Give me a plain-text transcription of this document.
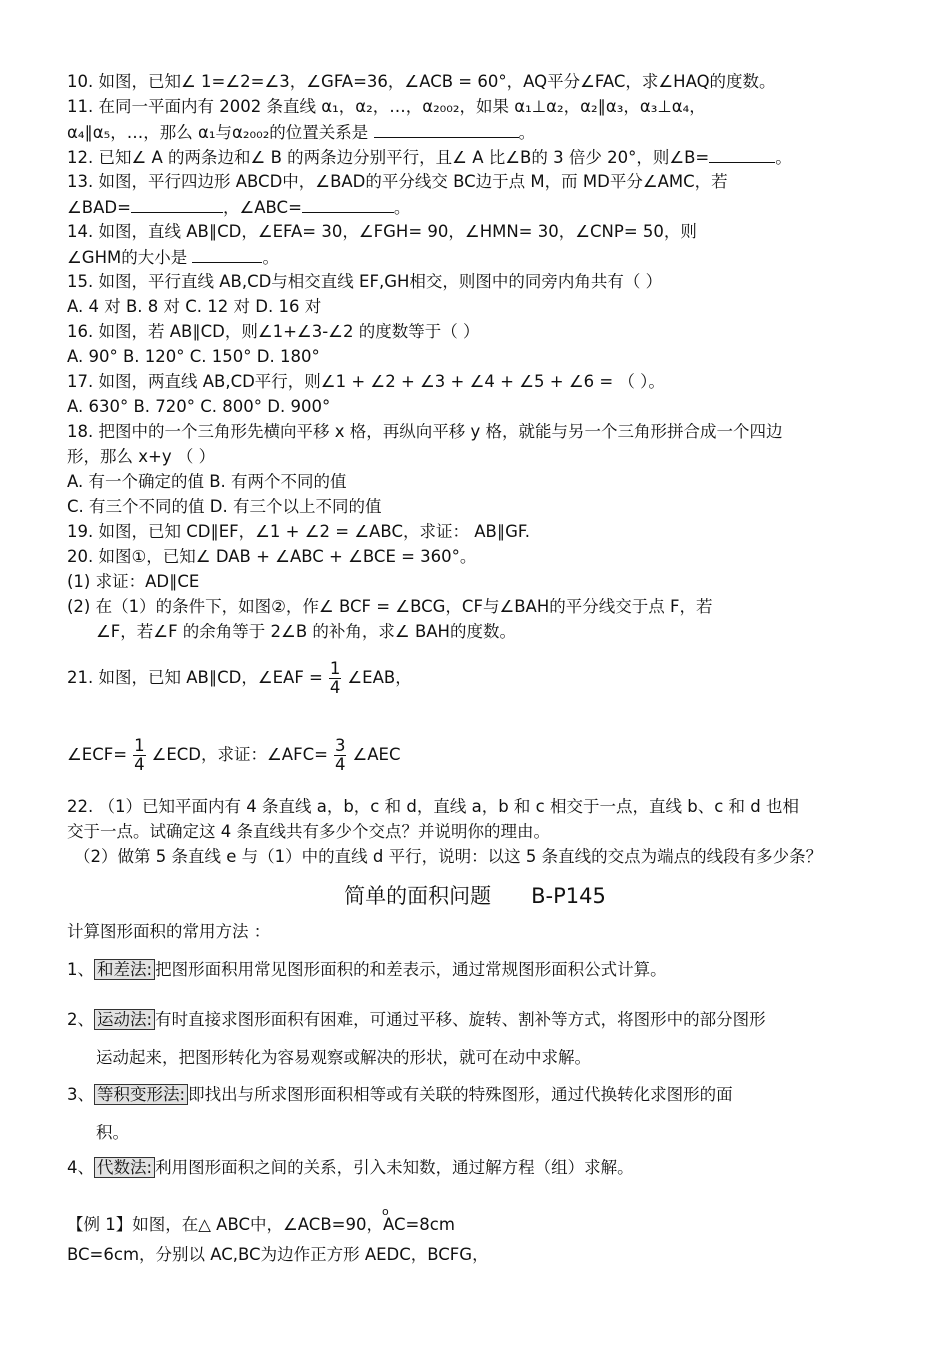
10. 如图，已知∠ 1=∠2=∠3，∠GFA=36，∠ACB = 60°，AQ平分∠FAC，求∠HAQ的度数。
11. 在同一平面内有 2002 条直线 α₁，α₂，…，α₂₀₀₂，如果 α₁⊥α₂，α₂∥α₃，α₃⊥α₄，
α₄∥α₅，…，那么 α₁与α₂₀₀₂的位置关系是	。
12. 已知∠ A 的两条边和∠ B 的两条边分别平行，且∠ A 比∠B的 3 倍少 20°，则∠B=	。
13. 如图，平行四边形 ABCD中，∠BAD的平分线交 BC边于点 M，而 MD平分∠AMC，若
∠BAD=	，∠ABC=	。
14. 如图，直线 AB∥CD，∠EFA= 30，∠FGH= 90，∠HMN= 30，∠CNP= 50，则
∠GHM的大小是	。
15. 如图，平行直线 AB,CD与相交直线 EF,GH相交，则图中的同旁内角共有（ ）
A. 4 对 B. 8 对 C. 12 对 D. 16 对
16. 如图，若 AB∥CD，则∠1+∠3-∠2 的度数等于（ ）
A. 90° B. 120° C. 150° D. 180°
17. 如图，两直线 AB,CD平行，则∠1 + ∠2 + ∠3 + ∠4 + ∠5 + ∠6 = （ ）。
A. 630° B. 720° C. 800° D. 900°
18. 把图中的一个三角形先横向平移 x 格，再纵向平移 y 格，就能与另一个三角形拼合成一个四边
形，那么 x+y （ ）
A. 有一个确定的值 B. 有两个不同的值
C. 有三个不同的值 D. 有三个以上不同的值
19. 如图，已知 CD∥EF，∠1 + ∠2 = ∠ABC，求证： AB∥GF.
20. 如图①，已知∠ DAB + ∠ABC + ∠BCE = 360°。
(1) 求证：AD∥CE
(2) 在（1）的条件下，如图②，作∠ BCF = ∠BCG，CF与∠BAH的平分线交于点 F，若
∠F，若∠F 的余角等于 2∠B 的补角，求∠ BAH的度数。
21. 如图，已知 AB∥CD，∠EAF = $\frac{1}{4}$ ∠EAB，
∠ECF= $\frac{1}{4}$ ∠ECD，求证：∠AFC= $\frac{3}{4}$ ∠AEC
22. （1）已知平面内有 4 条直线 a，b，c 和 d，直线 a，b 和 c 相交于一点，直线 b、c 和 d 也相
交于一点。试确定这 4 条直线共有多少个交点？并说明你的理由。
（2）做第 5 条直线 e 与（1）中的直线 d 平行，说明：以这 5 条直线的交点为端点的线段有多少条？
简单的面积问题      B-P145
计算图形面积的常用方法 ：
1、 和差法: 把图形面积用常见图形面积的和差表示，通过常规图形面积公式计算。
2、 运动法: 有时直接求图形面积有困难，可通过平移、旋转、割补等方式，将图形中的部分图形
运动起来，把图形转化为容易观察或解决的形状，就可在动中求解。
3、 等积变形法: 即找出与所求图形面积相等或有关联的特殊图形，通过代换转化求图形的面
积。
4、 代数法: 利用图形面积之间的关系，引入未知数，通过解方程（组）求解。
o
【例 1】如图，在△ ABC中，∠ACB=90，AC=8cm
BC=6cm，分别以 AC,BC为边作正方形 AEDC，BCFG，
